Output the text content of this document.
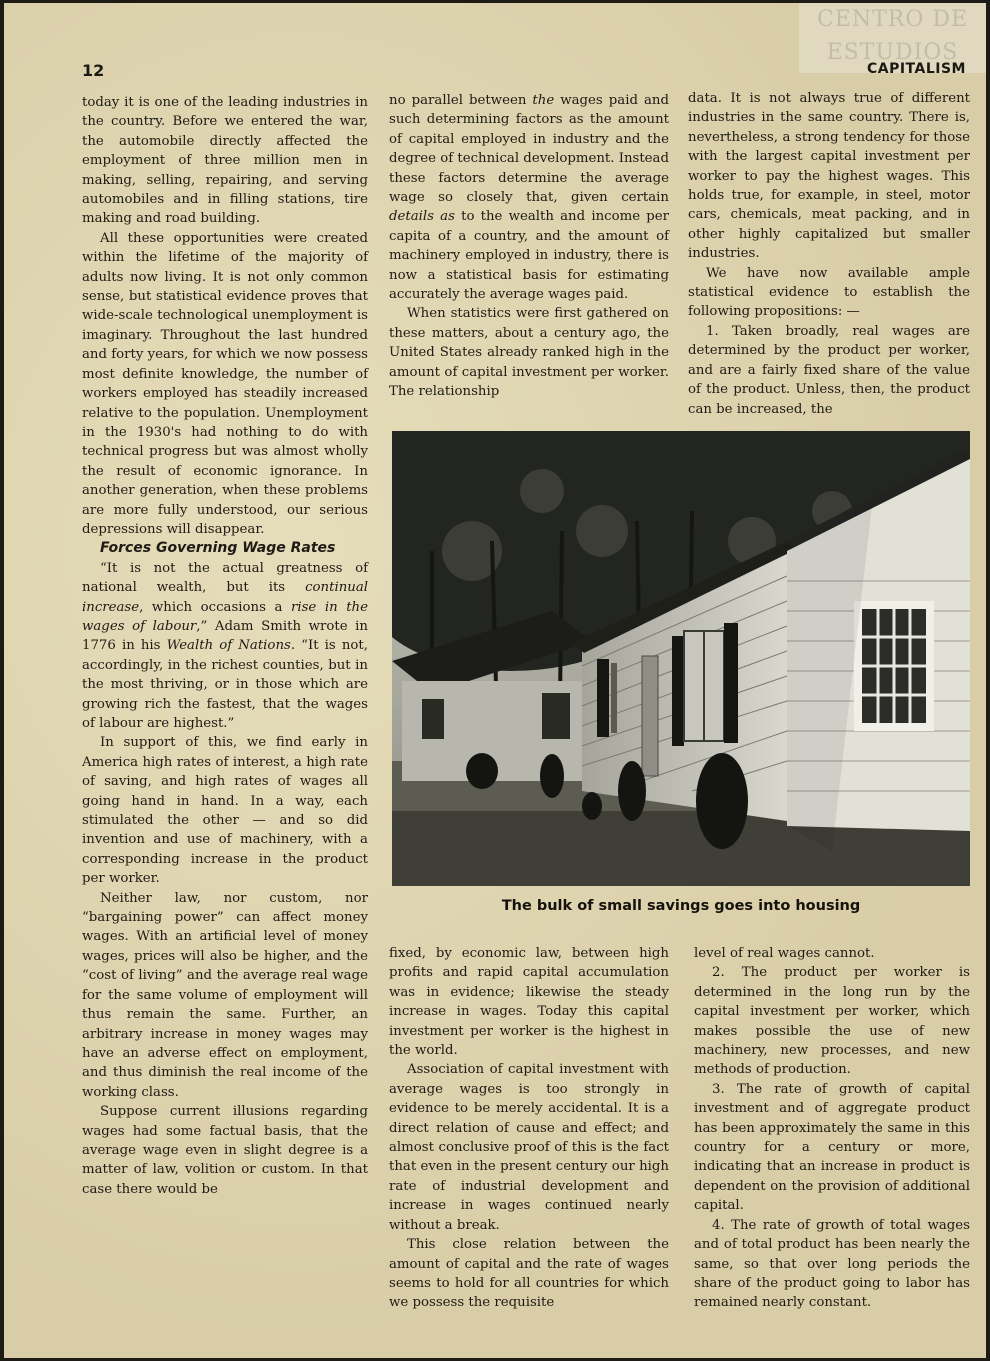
CENTRO DE
ESTUDIOS
12	CAPITALISM

today it is one of the leading industries in the country. Before we entered the war, the automobile directly affected the employment of three million men in making, selling, repairing, and serving automobiles and in filling stations, tire making and road building.

All these opportunities were created within the lifetime of the majority of adults now living. It is not only common sense, but statistical evidence proves that wide-scale technological unemployment is imaginary. Throughout the last hundred and forty years, for which we now possess most definite knowledge, the number of workers employed has steadily increased relative to the population. Unemployment in the 1930's had nothing to do with technical progress but was almost wholly the result of economic ignorance. In another generation, when these problems are more fully understood, our serious depressions will disappear.

Forces Governing Wage Rates

“It is not the actual greatness of national wealth, but its continual increase, which occasions a rise in the wages of labour,” Adam Smith wrote in 1776 in his Wealth of Nations. “It is not, accordingly, in the richest counties, but in the most thriving, or in those which are growing rich the fastest, that the wages of labour are highest.”

In support of this, we find early in America high rates of interest, a high rate of saving, and high rates of wages all going hand in hand. In a way, each stimulated the other — and so did invention and use of machinery, with a corresponding increase in the product per worker.

Neither law, nor custom, nor “bargaining power” can affect money wages. With an artificial level of money wages, prices will also be higher, and the “cost of living” and the average real wage for the same volume of employment will thus remain the same. Further, an arbitrary increase in money wages may have an adverse effect on employment, and thus diminish the real income of the working class.

Suppose current illusions regarding wages had some factual basis, that the average wage even in slight degree is a matter of law, volition or custom. In that case there would be

no parallel between the wages paid and such determining factors as the amount of capital employed in industry and the degree of technical development. Instead these factors determine the average wage so closely that, given certain details as to the wealth and income per capita of a country, and the amount of machinery employed in industry, there is now a statistical basis for estimating accurately the average wages paid.

When statistics were first gathered on these matters, about a century ago, the United States already ranked high in the amount of capital investment per worker. The relationship

data. It is not always true of different industries in the same country. There is, nevertheless, a strong tendency for those with the largest capital investment per worker to pay the highest wages. This holds true, for example, in steel, motor cars, chemicals, meat packing, and in other highly capitalized but smaller industries.

We have now available ample statistical evidence to establish the following propositions: —

1. Taken broadly, real wages are determined by the product per worker, and are a fairly fixed share of the value of the product. Unless, then, the product can be increased, the

The bulk of small savings goes into housing

fixed, by economic law, between high profits and rapid capital accumulation was in evidence; likewise the steady increase in wages. Today this capital investment per worker is the highest in the world.

Association of capital investment with average wages is too strongly in evidence to be merely accidental. It is a direct relation of cause and effect; and almost conclusive proof of this is the fact that even in the present century our high rate of industrial development and increase in wages continued nearly without a break.

This close relation between the amount of capital and the rate of wages seems to hold for all countries for which we possess the requisite

level of real wages cannot.

2. The product per worker is determined in the long run by the capital investment per worker, which makes possible the use of new machinery, new processes, and new methods of production.

3. The rate of growth of capital investment and of aggregate product has been approximately the same in this country for a century or more, indicating that an increase in product is dependent on the provision of additional capital.

4. The rate of growth of total wages and of total product has been nearly the same, so that over long periods the share of the product going to labor has remained nearly constant.
